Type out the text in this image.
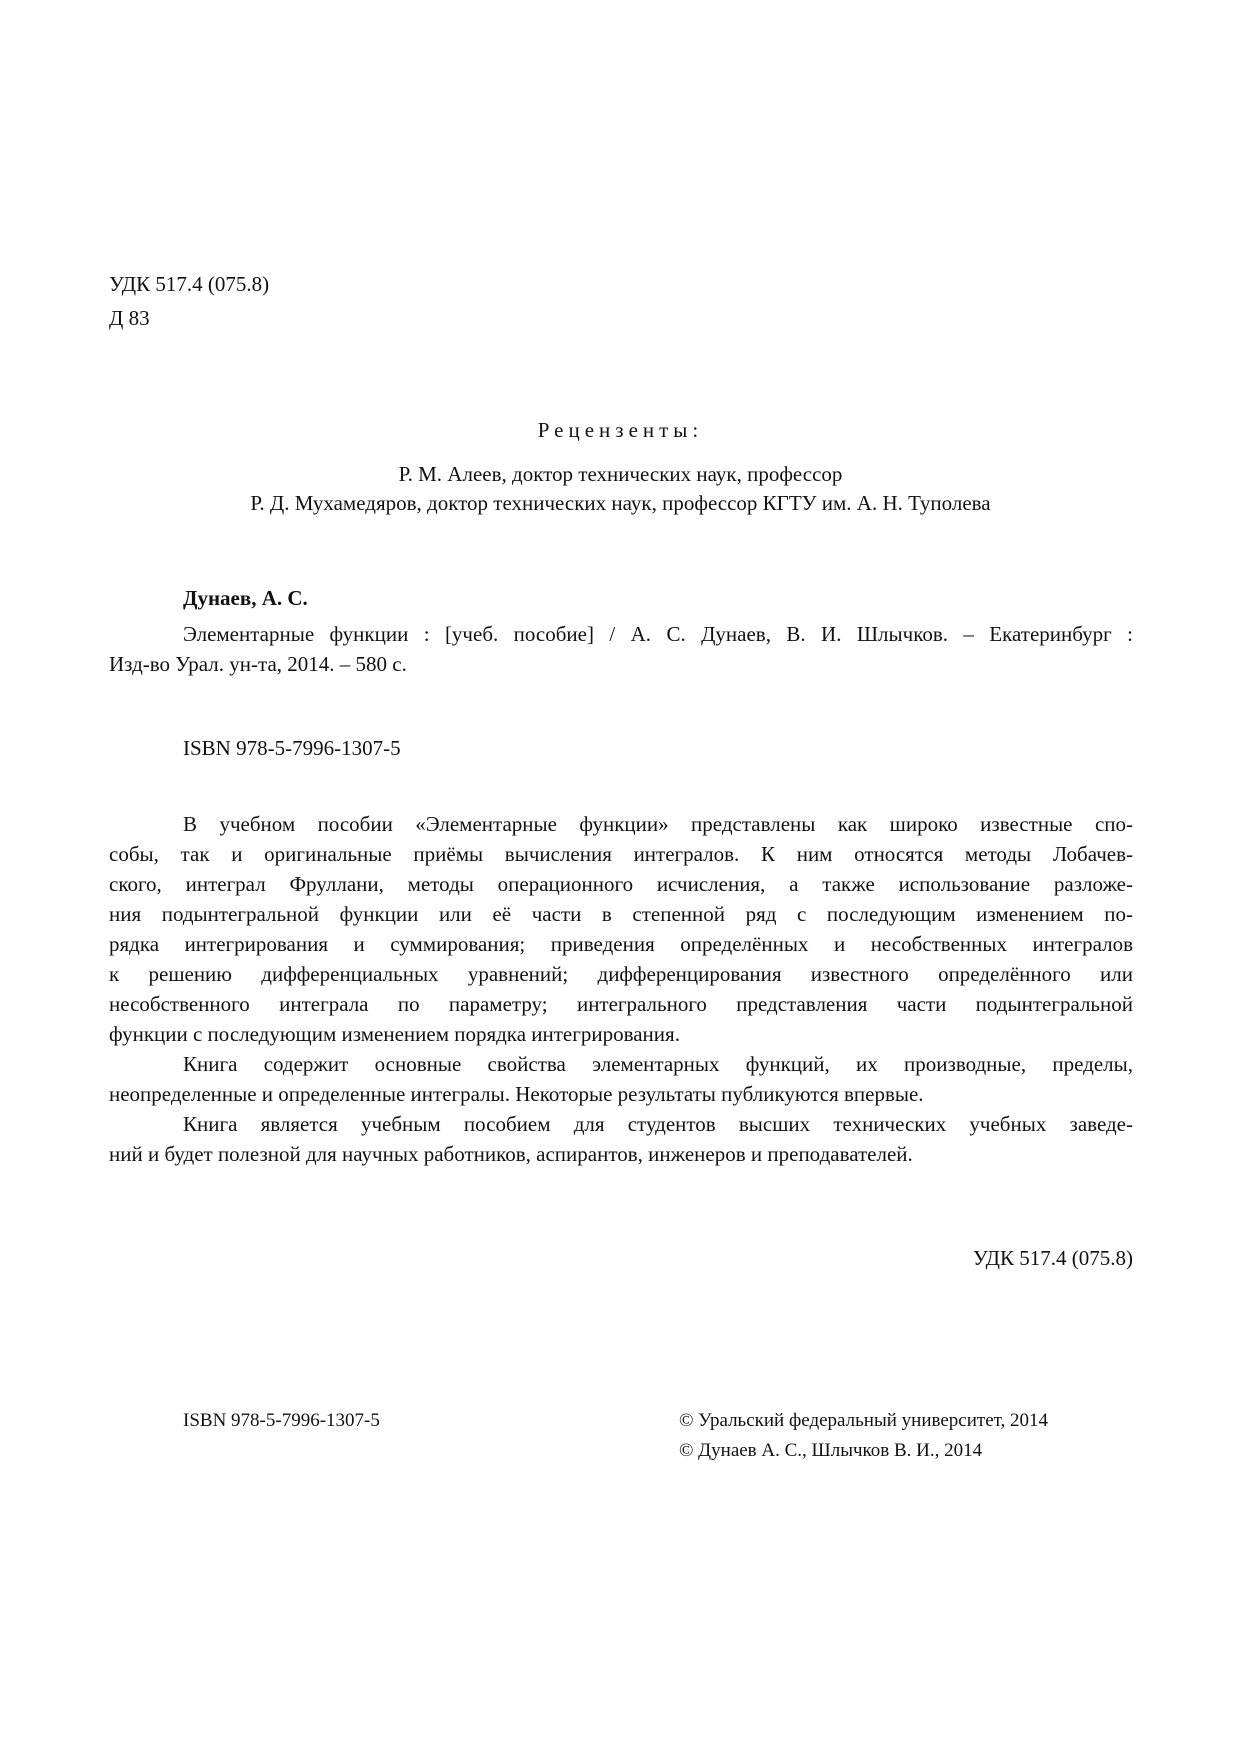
УДК 517.4 (075.8)
Д 83
Рецензенты:
Р. М. Алеев, доктор технических наук, профессор
Р. Д. Мухамедяров, доктор технических наук, профессор КГТУ им. А. Н. Туполева
Дунаев, А. С.
Элементарные функции : [учеб. пособие] / А. С. Дунаев, В. И. Шлычков. – Екатеринбург :
Изд-во Урал. ун-та, 2014. – 580 с.
ISBN 978-5-7996-1307-5
В учебном пособии «Элементарные функции» представлены как широко известные спо-
собы, так и оригинальные приёмы вычисления интегралов. К ним относятся методы Лобачев-
ского, интеграл Фруллани, методы операционного исчисления, а также использование разложе-
ния подынтегральной функции или её части в степенной ряд с последующим изменением по-
рядка интегрирования и суммирования; приведения определённых и несобственных интегралов
к решению дифференциальных уравнений; дифференцирования известного определённого или
несобственного интеграла по параметру; интегрального представления части подынтегральной
функции с последующим изменением порядка интегрирования.
Книга содержит основные свойства элементарных функций, их производные, пределы,
неопределенные и определенные интегралы. Некоторые результаты публикуются впервые.
Книга является учебным пособием для студентов высших технических учебных заведе-
ний и будет полезной для научных работников, аспирантов, инженеров и преподавателей.
УДК 517.4 (075.8)
ISBN 978-5-7996-1307-5	© Уральский федеральный университет, 2014
© Дунаев А. С., Шлычков В. И., 2014
